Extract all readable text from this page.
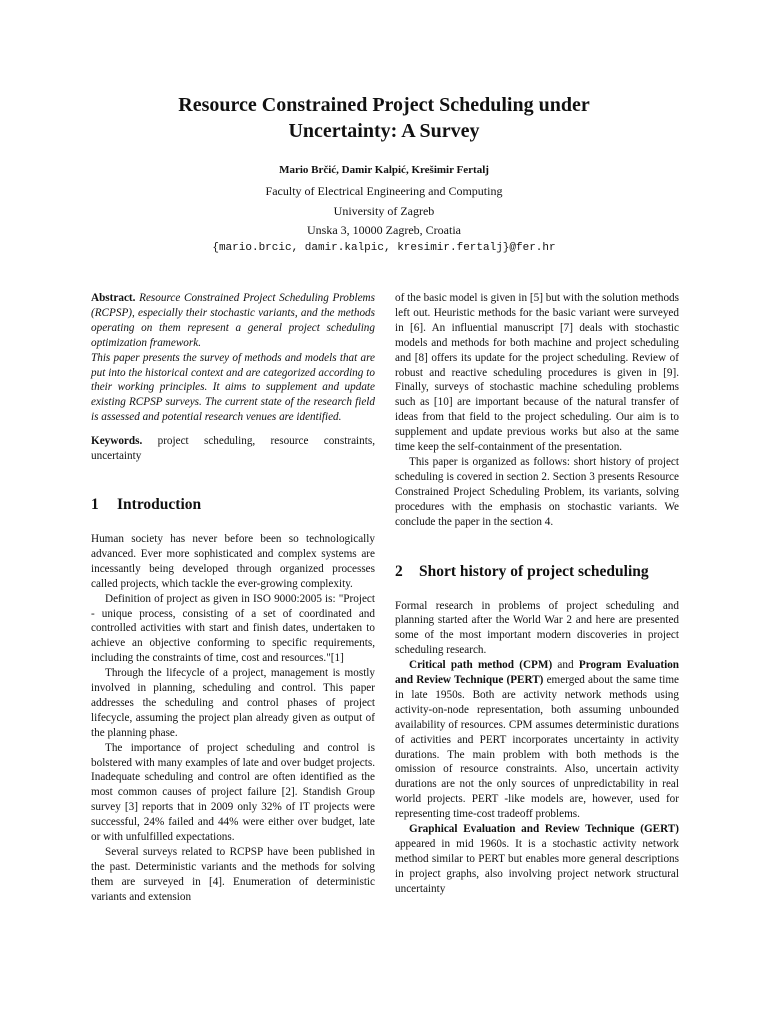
Resource Constrained Project Scheduling under
Uncertainty: A Survey
Mario Brčić, Damir Kalpić, Krešimir Fertalj
Faculty of Electrical Engineering and Computing
University of Zagreb
Unska 3, 10000 Zagreb, Croatia
{mario.brcic, damir.kalpic, kresimir.fertalj}@fer.hr

Abstract. Resource Constrained Project Scheduling Problems (RCPSP), especially their stochastic variants, and the methods operating on them represent a general project scheduling optimization framework.

This paper presents the survey of methods and models that are put into the historical context and are categorized according to their working principles. It aims to supplement and update existing RCPSP surveys. The current state of the research field is assessed and potential research venues are identified.

Keywords. project scheduling, resource constraints, uncertainty

1 Introduction

Human society has never before been so technologically advanced. Ever more sophisticated and complex systems are incessantly being developed through organized processes called projects, which tackle the ever-growing complexity.

Definition of project as given in ISO 9000:2005 is: "Project - unique process, consisting of a set of coordinated and controlled activities with start and finish dates, undertaken to achieve an objective conforming to specific requirements, including the constraints of time, cost and resources."[1]

Through the lifecycle of a project, management is mostly involved in planning, scheduling and control. This paper addresses the scheduling and control phases of project lifecycle, assuming the project plan already given as output of the planning phase.

The importance of project scheduling and control is bolstered with many examples of late and over budget projects. Inadequate scheduling and control are often identified as the most common causes of project failure [2]. Standish Group survey [3] reports that in 2009 only 32% of IT projects were successful, 24% failed and 44% were either over budget, late or with unfulfilled expectations.

Several surveys related to RCPSP have been published in the past. Deterministic variants and the methods for solving them are surveyed in [4]. Enumeration of deterministic variants and extension

of the basic model is given in [5] but with the solution methods left out. Heuristic methods for the basic variant were surveyed in [6]. An influential manuscript [7] deals with stochastic models and methods for both machine and project scheduling and [8] offers its update for the project scheduling. Review of robust and reactive scheduling procedures is given in [9]. Finally, surveys of stochastic machine scheduling problems such as [10] are important because of the natural transfer of ideas from that field to the project scheduling. Our aim is to supplement and update previous works but also at the same time keep the self-containment of the presentation.

This paper is organized as follows: short history of project scheduling is covered in section 2. Section 3 presents Resource Constrained Project Scheduling Problem, its variants, solving procedures with the emphasis on stochastic variants. We conclude the paper in the section 4.

2	Short history of project scheduling

Formal research in problems of project scheduling and planning started after the World War 2 and here are presented some of the most important modern discoveries in project scheduling research.

Critical path method (CPM) and Program Evaluation and Review Technique (PERT) emerged about the same time in late 1950s. Both are activity network methods using activity-on-node representation, both assuming unbounded availability of resources. CPM assumes deterministic durations of activities and PERT incorporates uncertainty in activity durations. The main problem with both methods is the omission of resource constraints. Also, uncertain activity durations are not the only sources of unpredictability in real world projects. PERT -like models are, however, used for representing time-cost tradeoff problems.

Graphical Evaluation and Review Technique (GERT) appeared in mid 1960s. It is a stochastic activity network method similar to PERT but enables more general descriptions in project graphs, also involving project network structural uncertainty
